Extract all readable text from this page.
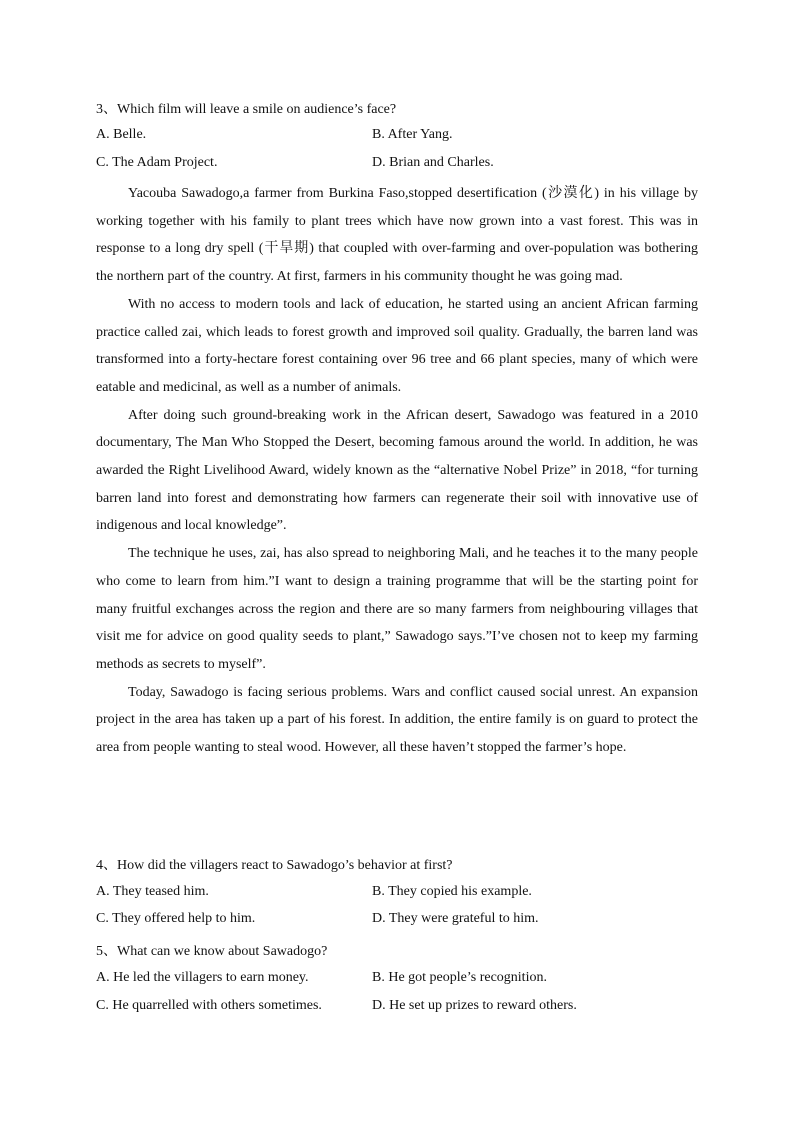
3、Which film will leave a smile on audience’s face?
A. Belle.	B. After Yang.
C. The Adam Project.	D. Brian and Charles.

Yacouba Sawadogo,a farmer from Burkina Faso,stopped desertification (沙漠化) in his village by working together with his family to plant trees which have now grown into a vast forest. This was in response to a long dry spell (干旱期) that coupled with over-farming and over-population was bothering the northern part of the country. At first, farmers in his community thought he was going mad.

With no access to modern tools and lack of education, he started using an ancient African farming practice called zai, which leads to forest growth and improved soil quality. Gradually, the barren land was transformed into a forty-hectare forest containing over 96 tree and 66 plant species, many of which were eatable and medicinal, as well as a number of animals.

After doing such ground-breaking work in the African desert, Sawadogo was featured in a 2010 documentary, The Man Who Stopped the Desert, becoming famous around the world. In addition, he was awarded the Right Livelihood Award, widely known as the “alternative Nobel Prize” in 2018, “for turning barren land into forest and demonstrating how farmers can regenerate their soil with innovative use of indigenous and local knowledge”.

The technique he uses, zai, has also spread to neighboring Mali, and he teaches it to the many people who come to learn from him.”I want to design a training programme that will be the starting point for many fruitful exchanges across the region and there are so many farmers from neighbouring villages that visit me for advice on good quality seeds to plant,” Sawadogo says.”I’ve chosen not to keep my farming methods as secrets to myself”.

Today, Sawadogo is facing serious problems. Wars and conflict caused social unrest. An expansion project in the area has taken up a part of his forest. In addition, the entire family is on guard to protect the area from people wanting to steal wood. However, all these haven’t stopped the farmer’s hope.

4、How did the villagers react to Sawadogo’s behavior at first?
A. They teased him.	B. They copied his example.
C. They offered help to him.	D. They were grateful to him.
5、What can we know about Sawadogo?
A. He led the villagers to earn money.	B. He got people’s recognition.
C. He quarrelled with others sometimes.	D. He set up prizes to reward others.
